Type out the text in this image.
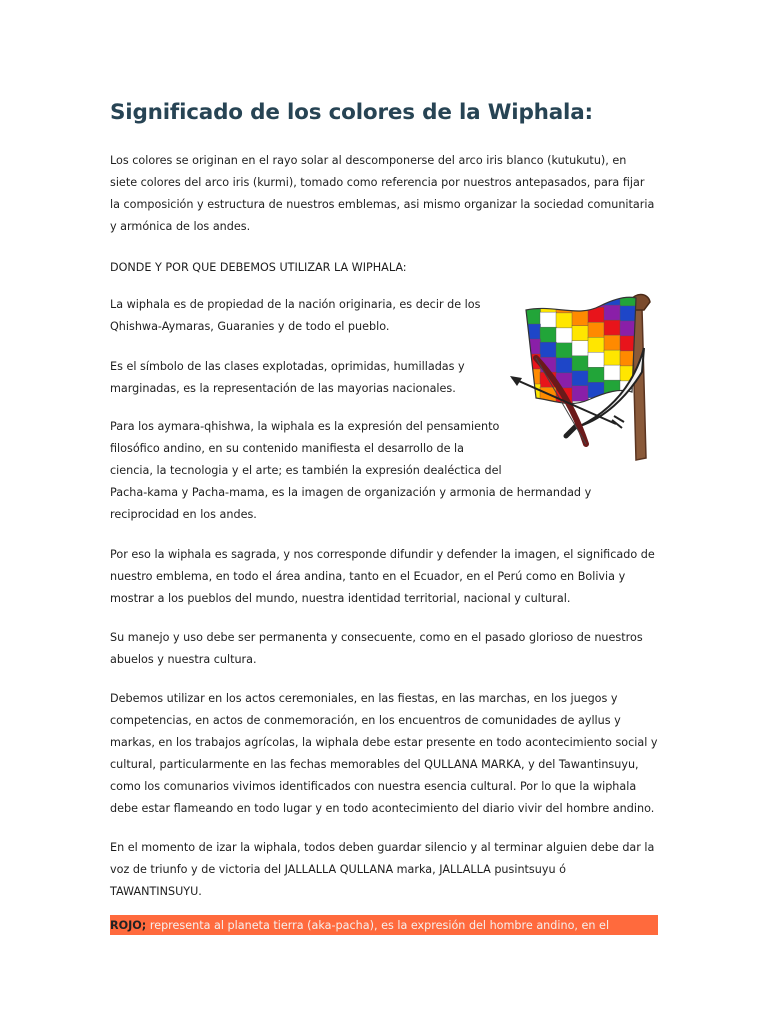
Significado de los colores de la Wiphala:
Los colores se originan en el rayo solar al descomponerse del arco iris blanco (kutukutu), en
siete colores del arco iris (kurmi), tomado como referencia por nuestros antepasados, para fijar
la composición y estructura de nuestros emblemas, asi mismo organizar la sociedad comunitaria
y armónica de los andes.
DONDE Y POR QUE DEBEMOS UTILIZAR LA WIPHALA:
La wiphala es de propiedad de la nación originaria, es decir de los
Qhishwa-Aymaras, Guaranies y de todo el pueblo.
Es el símbolo de las clases explotadas, oprimidas, humilladas y
marginadas, es la representación de las mayorias nacionales.
Para los aymara-qhishwa, la wiphala es la expresión del pensamiento
filosófico andino, en su contenido manifiesta el desarrollo de la
ciencia, la tecnologia y el arte; es también la expresión dealéctica del
Pacha-kama y Pacha-mama, es la imagen de organización y armonia de hermandad y
reciprocidad en los andes.
Por eso la wiphala es sagrada, y nos corresponde difundir y defender la imagen, el significado de
nuestro emblema, en todo el área andina, tanto en el Ecuador, en el Perú como en Bolivia y
mostrar a los pueblos del mundo, nuestra identidad territorial, nacional y cultural.
Su manejo y uso debe ser permanenta y consecuente, como en el pasado glorioso de nuestros
abuelos y nuestra cultura.
Debemos utilizar en los actos ceremoniales, en las fiestas, en las marchas, en los juegos y
competencias, en actos de conmemoración, en los encuentros de comunidades de ayllus y
markas, en los trabajos agrícolas, la wiphala debe estar presente en todo acontecimiento social y
cultural, particularmente en las fechas memorables del QULLANA MARKA, y del Tawantinsuyu,
como los comunarios vivimos identificados con nuestra esencia cultural. Por lo que la wiphala
debe estar flameando en todo lugar y en todo acontecimiento del diario vivir del hombre andino.
En el momento de izar la wiphala, todos deben guardar silencio y al terminar alguien debe dar la
voz de triunfo y de victoria del JALLALLA QULLANA marka, JALLALLA pusintsuyu ó
TAWANTINSUYU.
ROJO; representa al planeta tierra (aka-pacha), es la expresión del hombre andino, en el
